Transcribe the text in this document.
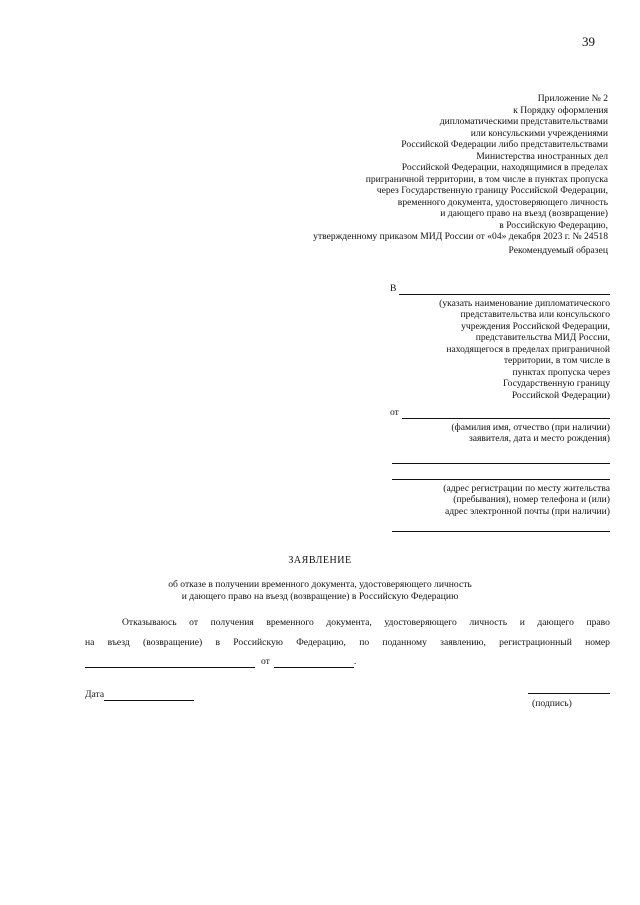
39
Приложение № 2
к Порядку оформления
дипломатическими представительствами
или консульскими учреждениями
Российской Федерации либо представительствами
Министерства иностранных дел
Российской Федерации, находящимися в пределах
приграничной территории, в том числе в пунктах пропуска
через Государственную границу Российской Федерации,
временного документа, удостоверяющего личность
и дающего право на въезд (возвращение)
в Российскую Федерацию,
утвержденному приказом МИД России от «04» декабря 2023 г. № 24518
Рекомендуемый образец
В
(указать наименование дипломатического
представительства или консульского
учреждения Российской Федерации,
представительства МИД России,
находящегося в пределах приграничной
территории, в том числе в
пунктах пропуска через
Государственную границу
Российской Федерации)
от
(фамилия имя, отчество (при наличии)
заявителя, дата и место рождения)
(адрес регистрации по месту жительства
(пребывания), номер телефона и (или)
адрес электронной почты (при наличии)
ЗАЯВЛЕНИЕ
об отказе в получении временного документа, удостоверяющего личность
и дающего право на въезд (возвращение) в Российскую Федерацию
Отказываюсь от получения временного документа, удостоверяющего личность и дающего право
на въезд (возвращение) в Российскую Федерацию, по поданному заявлению, регистрационный номер
от	.
Дата
(подпись)
